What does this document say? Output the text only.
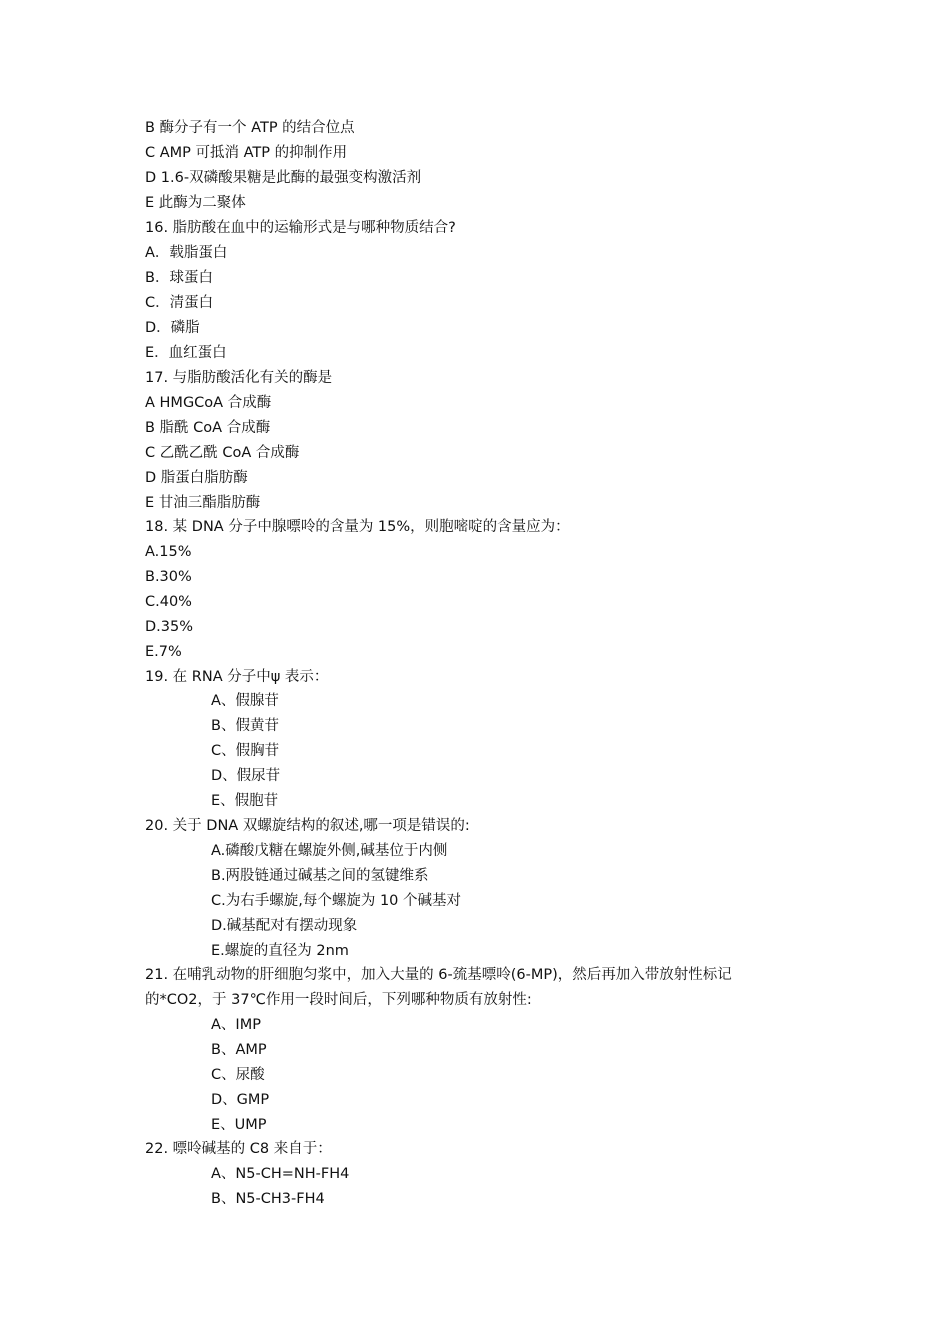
B 酶分子有一个 ATP 的结合位点
C AMP 可抵消 ATP 的抑制作用
D 1.6-双磷酸果糖是此酶的最强变构激活剂
E 此酶为二聚体
16. 脂肪酸在血中的运输形式是与哪种物质结合?
A．载脂蛋白
B．球蛋白
C．清蛋白
D．磷脂
E．血红蛋白
17. 与脂肪酸活化有关的酶是
A HMGCoA 合成酶
B 脂酰 CoA 合成酶
C 乙酰乙酰 CoA 合成酶
D 脂蛋白脂肪酶
E 甘油三酯脂肪酶
18. 某 DNA 分子中腺嘌呤的含量为 15%，则胞嘧啶的含量应为：
A.15%
B.30%
C.40%
D.35%
E.7%
19. 在 RNA 分子中ψ 表示：
A、假腺苷
B、假黄苷
C、假胸苷
D、假尿苷
E、假胞苷
20. 关于 DNA 双螺旋结构的叙述,哪一项是错误的:
A.磷酸戊糖在螺旋外侧,碱基位于内侧
B.两股链通过碱基之间的氢键维系
C.为右手螺旋,每个螺旋为 10 个碱基对
D.碱基配对有摆动现象
E.螺旋的直径为 2nm
21. 在哺乳动物的肝细胞匀浆中，加入大量的 6-巯基嘌呤(6-MP)，然后再加入带放射性标记
的*CO2，于 37℃作用一段时间后，下列哪种物质有放射性:
A、IMP
B、AMP
C、尿酸
D、GMP
E、UMP
22. 嘌呤碱基的 C8 来自于：
A、N5-CH=NH-FH4
B、N5-CH3-FH4
